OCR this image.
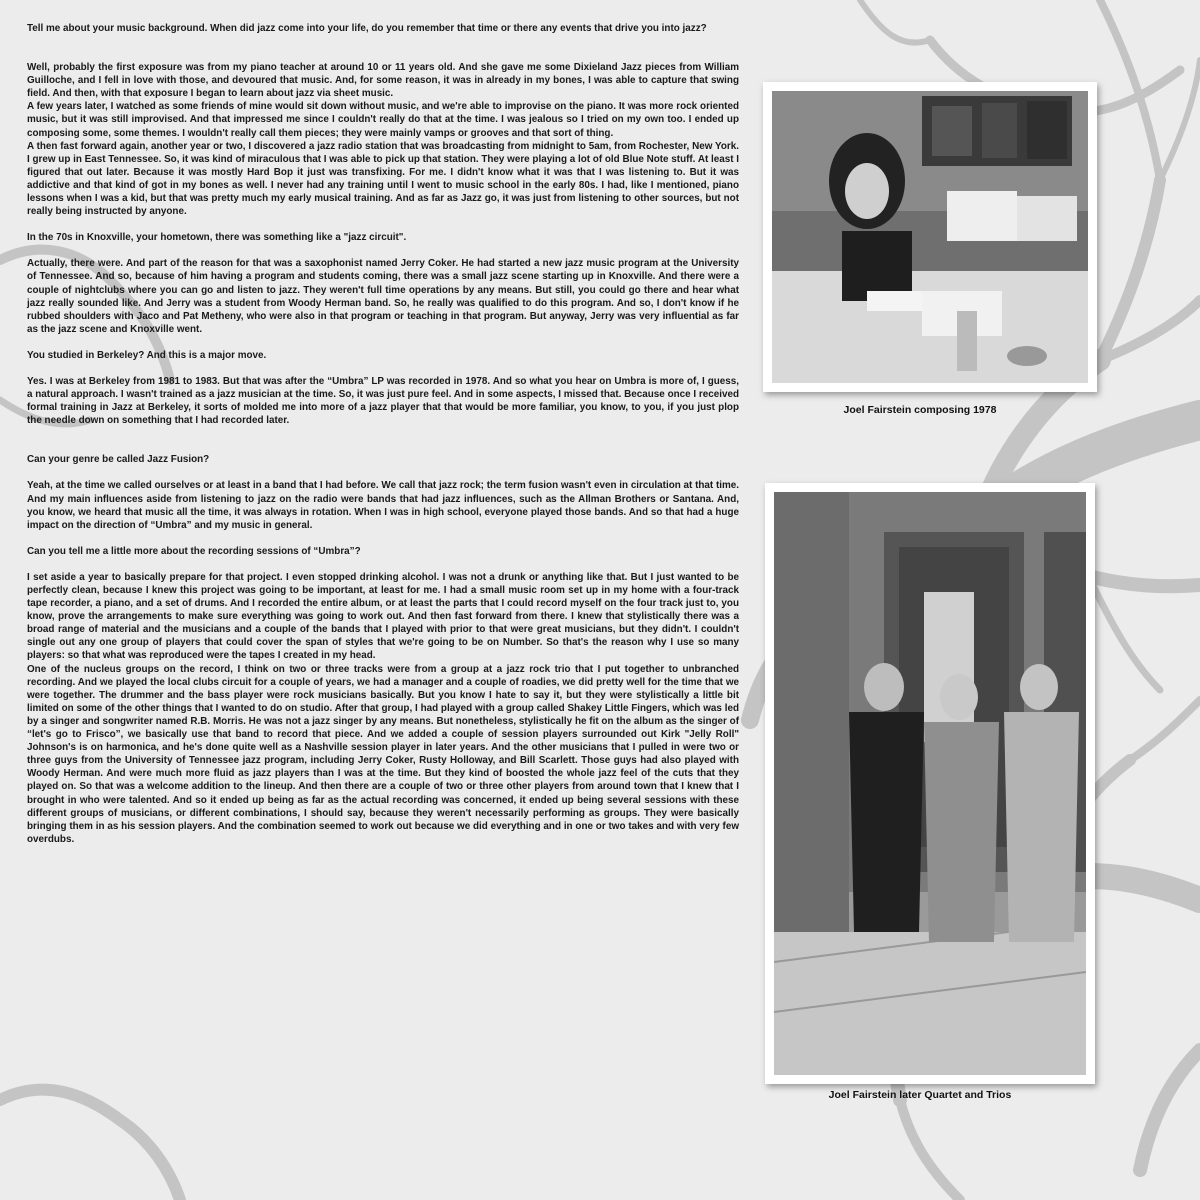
Tell me about your music background. When did jazz come into your life, do you remember that time or there any events that drive you into jazz?

Well, probably the first exposure was from my piano teacher at around 10 or 11 years old. And she gave me some Dixieland Jazz pieces from William Guilloche, and I fell in love with those, and devoured that music. And, for some reason, it was in already in my bones, I was able to capture that swing field. And then, with that exposure I began to learn about jazz via sheet music.

A few years later, I watched as some friends of mine would sit down without music, and we're able to improvise on the piano. It was more rock oriented music, but it was still improvised. And that impressed me since I couldn't really do that at the time. I was jealous so I tried on my own too. I ended up composing some, some themes. I wouldn't really call them pieces; they were mainly vamps or grooves and that sort of thing.

A then fast forward again, another year or two, I discovered a jazz radio station that was broadcasting from midnight to 5am, from Rochester, New York. I grew up in East Tennessee. So, it was kind of miraculous that I was able to pick up that station. They were playing a lot of old Blue Note stuff. At least I figured that out later. Because it was mostly Hard Bop it just was transfixing. For me. I didn't know what it was that I was listening to. But it was addictive and that kind of got in my bones as well. I never had any training until I went to music school in the early 80s. I had, like I mentioned, piano lessons when I was a kid, but that was pretty much my early musical training. And as far as Jazz go, it was just from listening to other sources, but not really being instructed by anyone.

In the 70s in Knoxville, your hometown, there was something like a "jazz circuit".

Actually, there were. And part of the reason for that was a saxophonist named Jerry Coker. He had started a new jazz music program at the University of Tennessee. And so, because of him having a program and students coming, there was a small jazz scene starting up in Knoxville. And there were a couple of nightclubs where you can go and listen to jazz. They weren't full time operations by any means. But still, you could go there and hear what jazz really sounded like. And Jerry was a student from Woody Herman band. So, he really was qualified to do this program. And so, I don't know if he rubbed shoulders with Jaco and Pat Metheny, who were also in that program or teaching in that program. But anyway, Jerry was very influential as far as the jazz scene and Knoxville went.

You studied in Berkeley? And this is a major move.

Yes. I was at Berkeley from 1981 to 1983. But that was after the “Umbra” LP was recorded in 1978. And so what you hear on Umbra is more of, I guess, a natural approach. I wasn't trained as a jazz musician at the time. So, it was just pure feel. And in some aspects, I missed that. Because once I received formal training in Jazz at Berkeley, it sorts of molded me into more of a jazz player that that would be more familiar, you know, to you, if you just plop the needle down on something that I had recorded later.

Can your genre be called Jazz Fusion?

Yeah, at the time we called ourselves or at least in a band that I had before. We call that jazz rock; the term fusion wasn't even in circulation at that time. And my main influences aside from listening to jazz on the radio were bands that had jazz influences, such as the Allman Brothers or Santana. And, you know, we heard that music all the time, it was always in rotation. When I was in high school, everyone played those bands. And so that had a huge impact on the direction of “Umbra” and my music in general.

Can you tell me a little more about the recording sessions of “Umbra”?

I set aside a year to basically prepare for that project. I even stopped drinking alcohol. I was not a drunk or anything like that. But I just wanted to be perfectly clean, because I knew this project was going to be important, at least for me. I had a small music room set up in my home with a four-track tape recorder, a piano, and a set of drums. And I recorded the entire album, or at least the parts that I could record myself on the four track just to, you know, prove the arrangements to make sure everything was going to work out. And then fast forward from there. I knew that stylistically there was a broad range of material and the musicians and a couple of the bands that I played with prior to that were great musicians, but they didn't. I couldn't single out any one group of players that could cover the span of styles that we're going to be on Number. So that's the reason why I use so many players: so that what was reproduced were the tapes I created in my head.

One of the nucleus groups on the record, I think on two or three tracks were from a group at a jazz rock trio that I put together to unbranched recording. And we played the local clubs circuit for a couple of years, we had a manager and a couple of roadies, we did pretty well for the time that we were together. The drummer and the bass player were rock musicians basically. But you know I hate to say it, but they were stylistically a little bit limited on some of the other things that I wanted to do on studio. After that group, I had played with a group called Shakey Little Fingers, which was led by a singer and songwriter named R.B. Morris. He was not a jazz singer by any means. But nonetheless, stylistically he fit on the album as the singer of “let's go to Frisco”, we basically use that band to record that piece. And we added a couple of session players surrounded out Kirk "Jelly Roll" Johnson's is on harmonica, and he's done quite well as a Nashville session player in later years. And the other musicians that I pulled in were two or three guys from the University of Tennessee jazz program, including Jerry Coker, Rusty Holloway, and Bill Scarlett. Those guys had also played with Woody Herman. And were much more fluid as jazz players than I was at the time. But they kind of boosted the whole jazz feel of the cuts that they played on. So that was a welcome addition to the lineup. And then there are a couple of two or three other players from around town that I knew that I brought in who were talented. And so it ended up being as far as the actual recording was concerned, it ended up being several sessions with these different groups of musicians, or different combinations, I should say, because they weren't necessarily performing as groups. They were basically bringing them in as his session players. And the combination seemed to work out because we did everything and in one or two takes and with very few overdubs.

Joel Fairstein composing 1978
Joel Fairstein later Quartet and Trios
